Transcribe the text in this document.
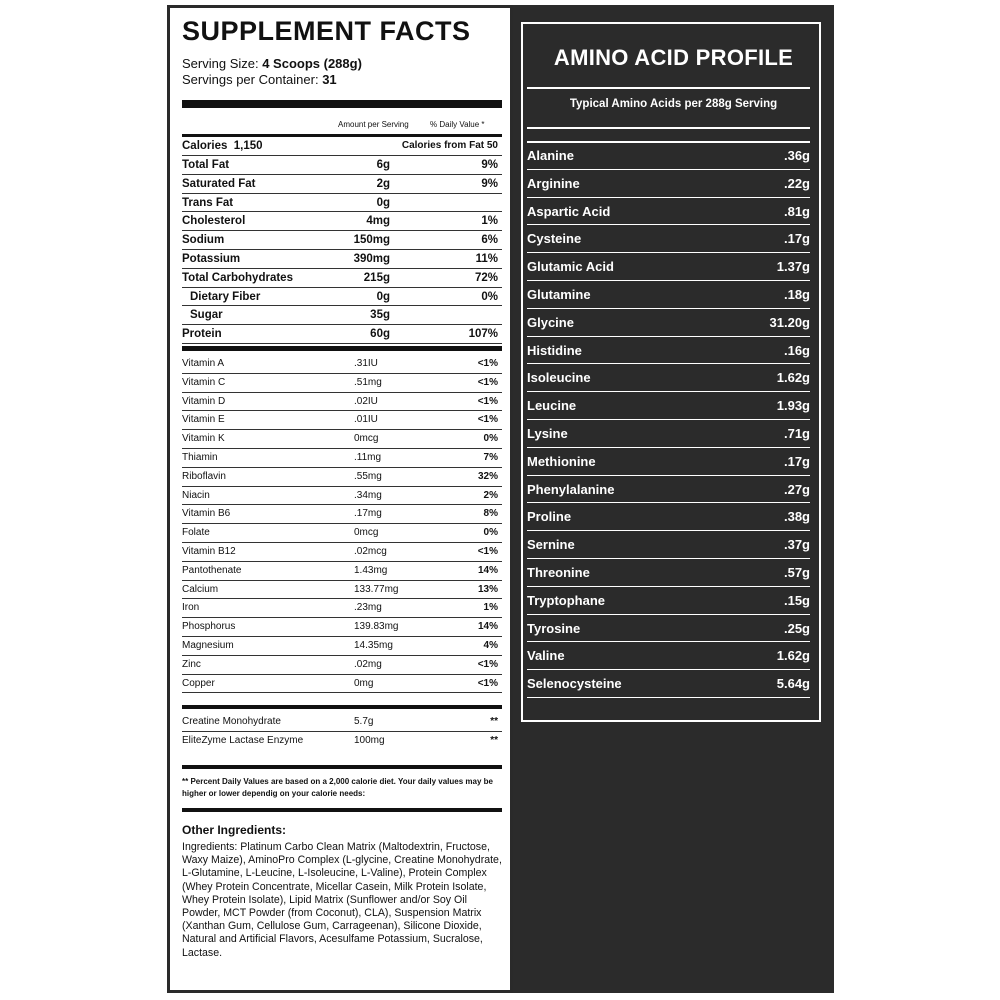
SUPPLEMENT FACTS
Serving Size: 4 Scoops (288g)
Servings per Container: 31
Amount per Serving	% Daily Value *
Calories 1,150	Calories from Fat 50
Total Fat	6g	9%
Saturated Fat	2g	9%
Trans Fat	0g
Cholesterol	4mg	1%
Sodium	150mg	6%
Potassium	390mg	11%
Total Carbohydrates	215g	72%
Dietary Fiber	0g	0%
Sugar	35g
Protein	60g	107%
Vitamin A	.31IU	<1%
Vitamin C	.51mg	<1%
Vitamin D	.02IU	<1%
Vitamin E	.01IU	<1%
Vitamin K	0mcg	0%
Thiamin	.11mg	7%
Riboflavin	.55mg	32%
Niacin	.34mg	2%
Vitamin B6	.17mg	8%
Folate	0mcg	0%
Vitamin B12	.02mcg	<1%
Pantothenate	1.43mg	14%
Calcium	133.77mg	13%
Iron	.23mg	1%
Phosphorus	139.83mg	14%
Magnesium	14.35mg	4%
Zinc	.02mg	<1%
Copper	0mg	<1%
Creatine Monohydrate	5.7g	**
EliteZyme Lactase Enzyme	100mg	**
** Percent Daily Values are based on a 2,000 calorie diet. Your daily values may be higher or lower dependig on your calorie needs:
Other Ingredients:
Ingredients: Platinum Carbo Clean Matrix (Maltodextrin, Fructose, Waxy Maize), AminoPro Complex (L-glycine, Creatine Monohydrate, L-Glutamine, L-Leucine, L-Isoleucine, L-Valine), Protein Complex (Whey Protein Concentrate, Micellar Casein, Milk Protein Isolate, Whey Protein Isolate), Lipid Matrix (Sunflower and/or Soy Oil Powder, MCT Powder (from Coconut), CLA), Suspension Matrix (Xanthan Gum, Cellulose Gum, Carrageenan), Silicone Dioxide, Natural and Artificial Flavors, Acesulfame Potassium, Sucralose, Lactase.
AMINO ACID PROFILE
Typical Amino Acids per 288g Serving
Alanine	.36g
Arginine	.22g
Aspartic Acid	.81g
Cysteine	.17g
Glutamic Acid	1.37g
Glutamine	.18g
Glycine	31.20g
Histidine	.16g
Isoleucine	1.62g
Leucine	1.93g
Lysine	.71g
Methionine	.17g
Phenylalanine	.27g
Proline	.38g
Sernine	.37g
Threonine	.57g
Tryptophane	.15g
Tyrosine	.25g
Valine	1.62g
Selenocysteine	5.64g
